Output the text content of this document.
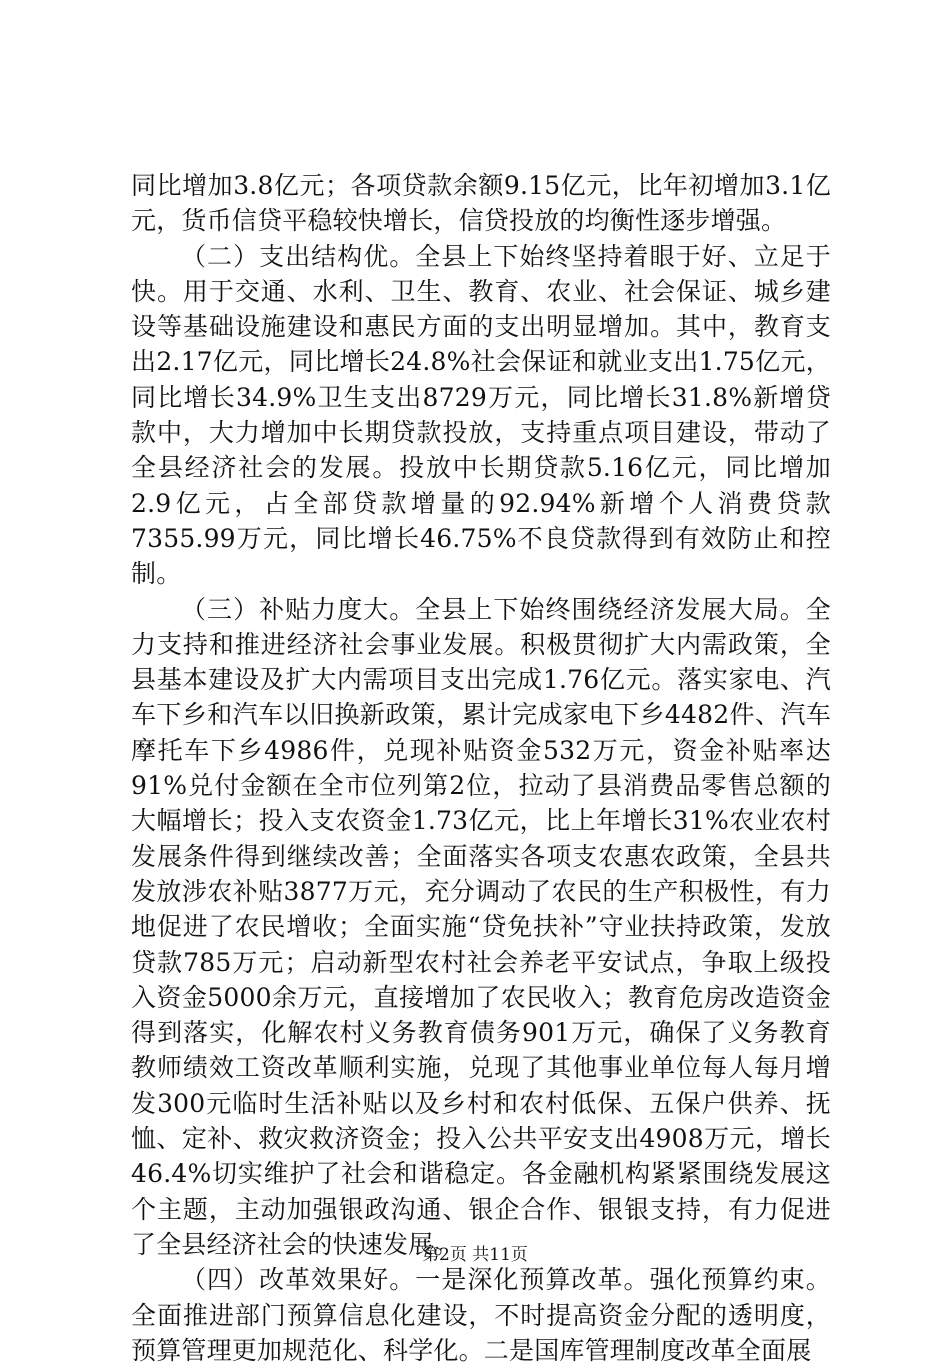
同比增加3.8亿元；各项贷款余额9.15亿元，比年初增加3.1亿元，货币信贷平稳较快增长，信贷投放的均衡性逐步增强。

（二）支出结构优。全县上下始终坚持着眼于好、立足于快。用于交通、水利、卫生、教育、农业、社会保证、城乡建设等基础设施建设和惠民方面的支出明显增加。其中，教育支出2.17亿元，同比增长24.8%社会保证和就业支出1.75亿元，同比增长34.9%卫生支出8729万元，同比增长31.8%新增贷款中，大力增加中长期贷款投放，支持重点项目建设，带动了全县经济社会的发展。投放中长期贷款5.16亿元，同比增加2.9亿元，占全部贷款增量的92.94%新增个人消费贷款7355.99万元，同比增长46.75%不良贷款得到有效防止和控制。

（三）补贴力度大。全县上下始终围绕经济发展大局。全力支持和推进经济社会事业发展。积极贯彻扩大内需政策，全县基本建设及扩大内需项目支出完成1.76亿元。落实家电、汽车下乡和汽车以旧换新政策，累计完成家电下乡4482件、汽车摩托车下乡4986件，兑现补贴资金532万元，资金补贴率达91%兑付金额在全市位列第2位，拉动了县消费品零售总额的大幅增长；投入支农资金1.73亿元，比上年增长31%农业农村发展条件得到继续改善；全面落实各项支农惠农政策，全县共发放涉农补贴3877万元，充分调动了农民的生产积极性，有力地促进了农民增收；全面实施“贷免扶补”守业扶持政策，发放贷款785万元；启动新型农村社会养老平安试点，争取上级投入资金5000余万元，直接增加了农民收入；教育危房改造资金得到落实，化解农村义务教育债务901万元，确保了义务教育教师绩效工资改革顺利实施，兑现了其他事业单位每人每月增发300元临时生活补贴以及乡村和农村低保、五保户供养、抚恤、定补、救灾救济资金；投入公共平安支出4908万元，增长46.4%切实维护了社会和谐稳定。各金融机构紧紧围绕发展这个主题，主动加强银政沟通、银企合作、银银支持，有力促进了全县经济社会的快速发展。

（四）改革效果好。一是深化预算改革。强化预算约束。全面推进部门预算信息化建设，不时提高资金分配的透明度，预算管理更加规范化、科学化。二是国库管理制度改革全面展

第2页 共11页
